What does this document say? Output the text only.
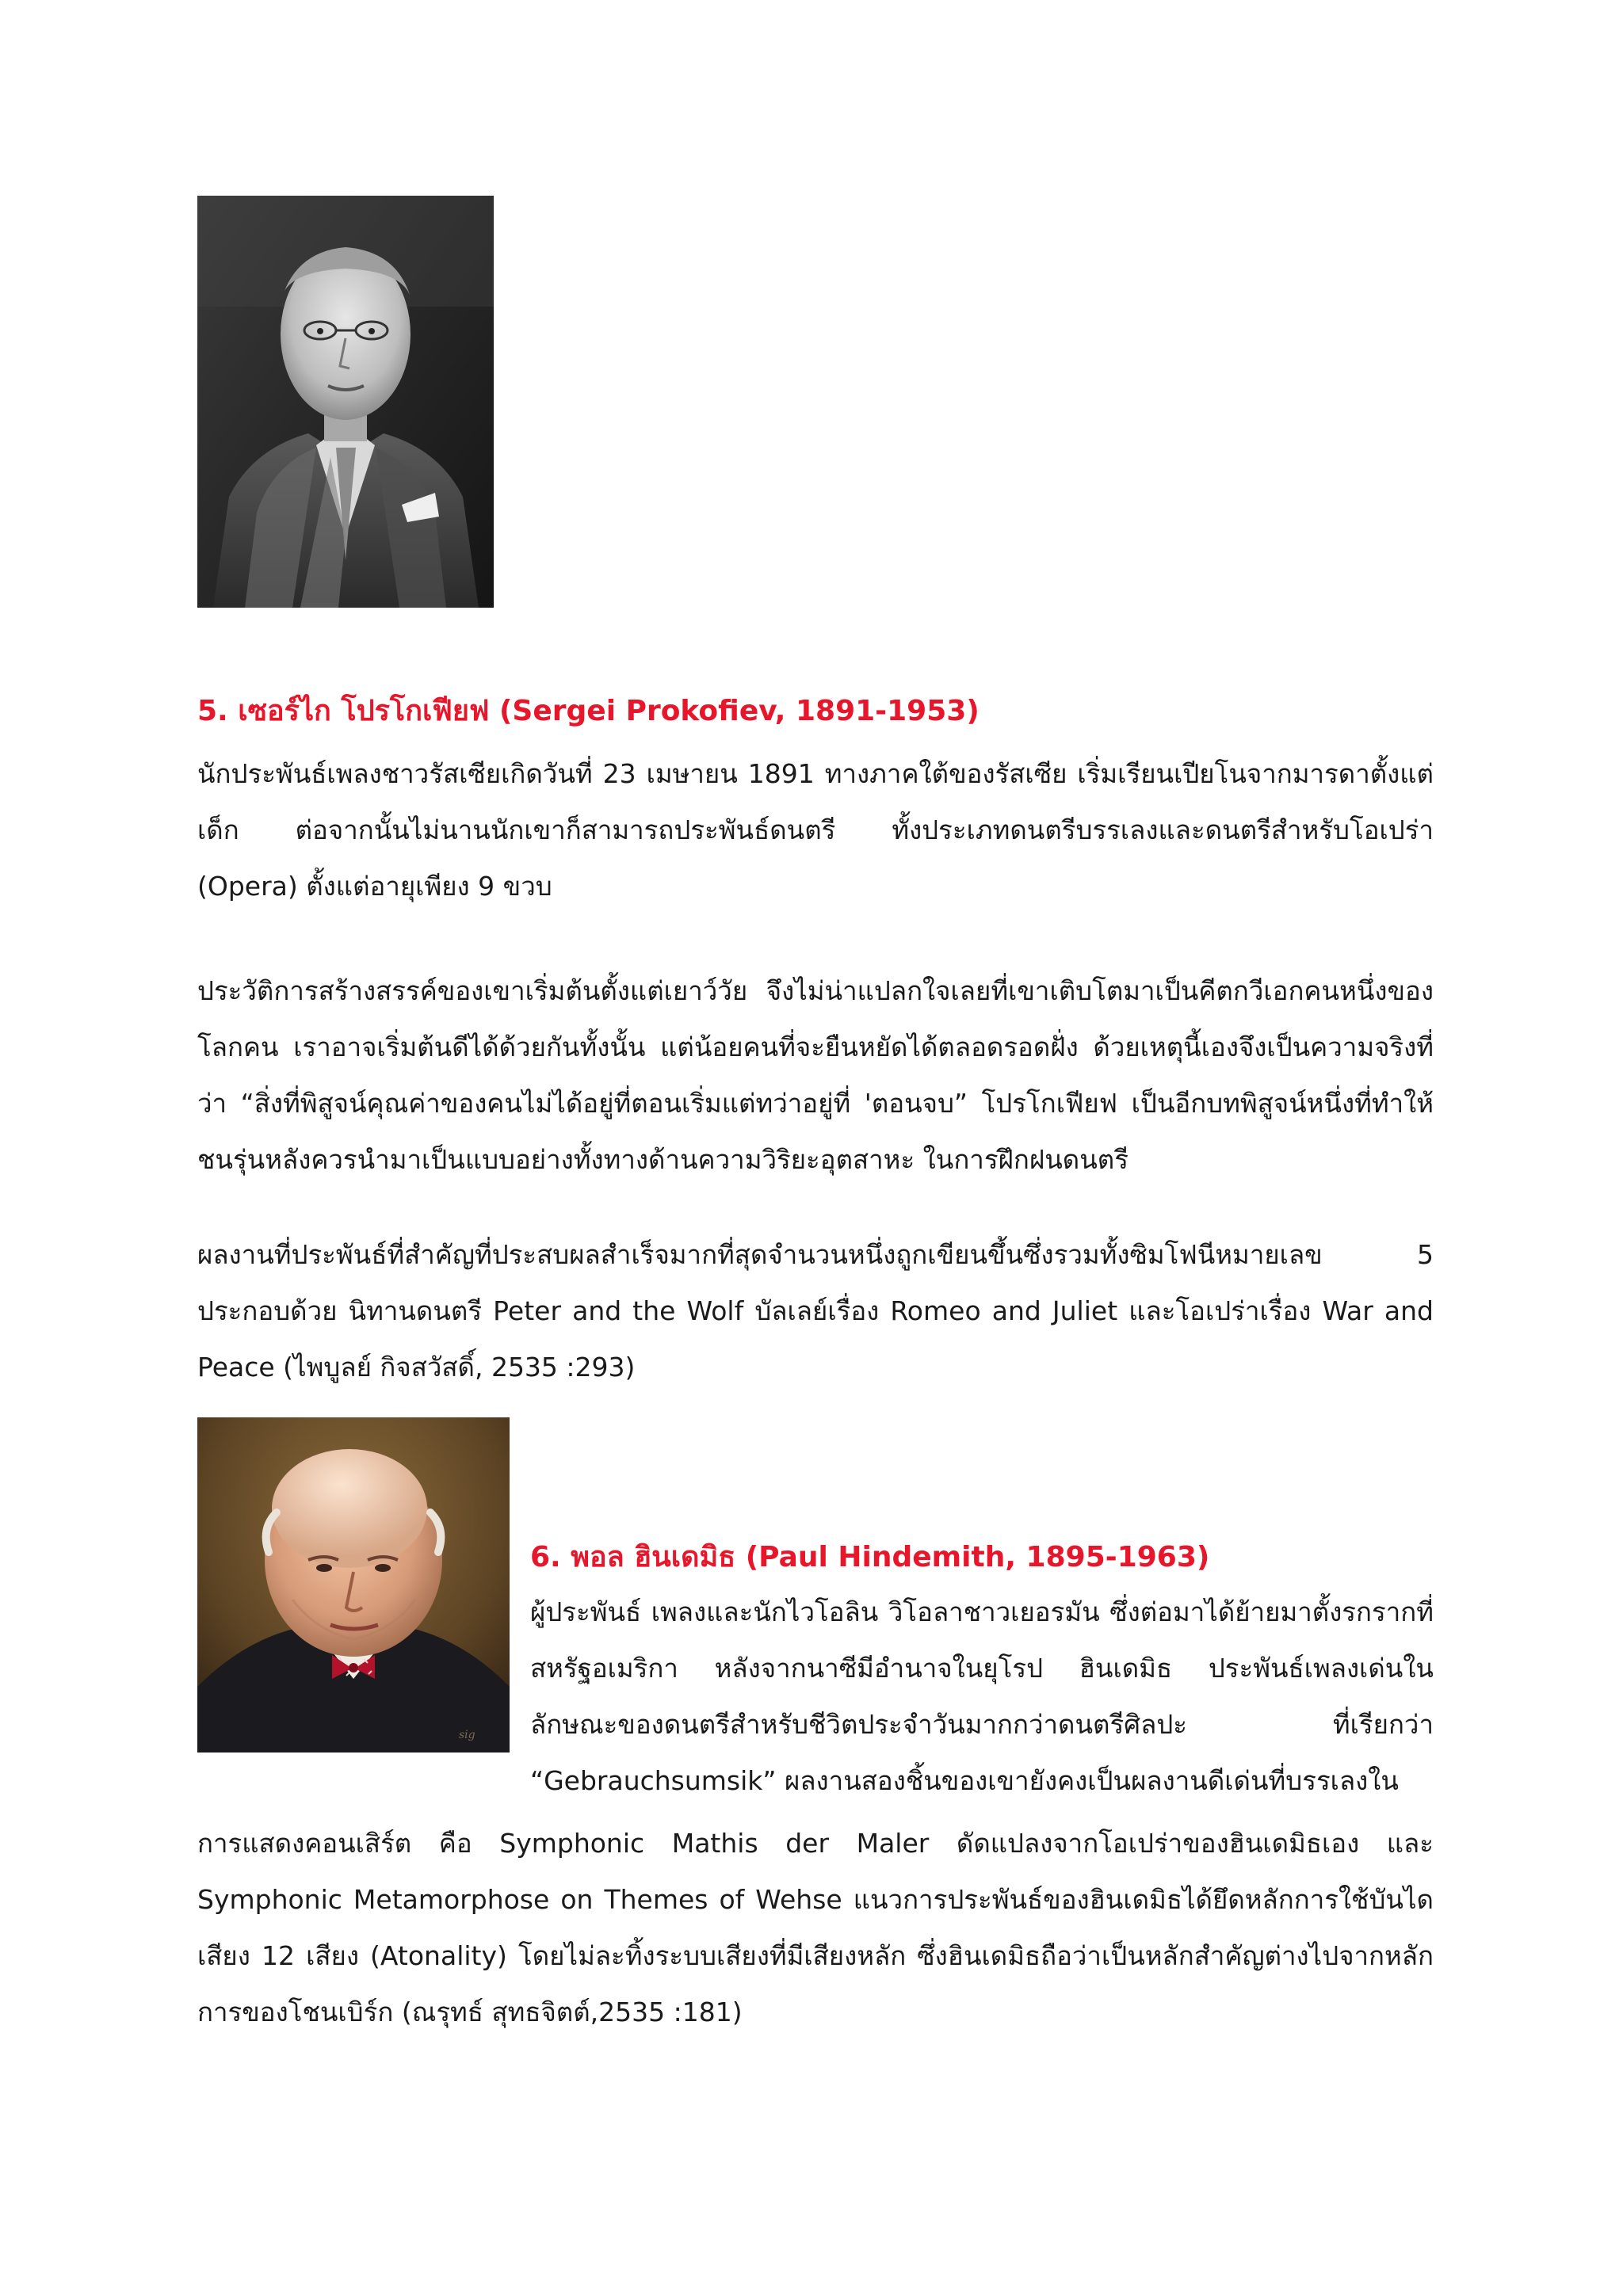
5. เซอร์ไก โปรโกเฟียฟ (Sergei Prokofiev, 1891-1953)

นักประพันธ์เพลงชาวรัสเซียเกิดวันที่ 23 เมษายน 1891 ทางภาคใต้ของรัสเซีย เริ่มเรียนเปียโนจากมารดาตั้งแต่เด็ก ต่อจากนั้นไม่นานนักเขาก็สามารถประพันธ์ดนตรี ทั้งประเภทดนตรีบรรเลงและดนตรีสำหรับโอเปร่า (Opera) ตั้งแต่อายุเพียง 9 ขวบ

ประวัติการสร้างสรรค์ของเขาเริ่มต้นตั้งแต่เยาว์วัย จึงไม่น่าแปลกใจเลยที่เขาเติบโตมาเป็นคีตกวีเอกคนหนึ่งของโลกคน เราอาจเริ่มต้นดีได้ด้วยกันทั้งนั้น แต่น้อยคนที่จะยืนหยัดได้ตลอดรอดฝั่ง ด้วยเหตุนี้เองจึงเป็นความจริงที่ว่า “สิ่งที่พิสูจน์คุณค่าของคนไม่ได้อยู่ที่ตอนเริ่มแต่ทว่าอยู่ที่ 'ตอนจบ” โปรโกเฟียฟ เป็นอีกบทพิสูจน์หนึ่งที่ทำให้ชนรุ่นหลังควรนำมาเป็นแบบอย่างทั้งทางด้านความวิริยะอุตสาหะ ในการฝึกฝนดนตรี

ผลงานที่ประพันธ์ที่สำคัญที่ประสบผลสำเร็จมากที่สุดจำนวนหนึ่งถูกเขียนขึ้นซึ่งรวมทั้งซิมโฟนีหมายเลข 5 ประกอบด้วย นิทานดนตรี Peter and the Wolf บัลเลย์เรื่อง Romeo and Juliet และโอเปร่าเรื่อง War and Peace (ไพบูลย์ กิจสวัสดิ์, 2535 :293)

sig
6. พอล ฮินเดมิธ (Paul Hindemith, 1895-1963)

ผู้ประพันธ์ เพลงและนักไวโอลิน วิโอลาชาวเยอรมัน ซึ่งต่อมาได้ย้ายมาตั้งรกรากที่สหรัฐอเมริกา หลังจากนาซีมีอำนาจในยุโรป ฮินเดมิธ ประพันธ์เพลงเด่นในลักษณะของดนตรีสำหรับชีวิตประจำวันมากกว่าดนตรีศิลปะ ที่เรียกว่า “Gebrauchsumsik” ผลงานสองชิ้นของเขายังคงเป็นผลงานดีเด่นที่บรรเลงใน

การแสดงคอนเสิร์ต คือ Symphonic Mathis der Maler ดัดแปลงจากโอเปร่าของฮินเดมิธเอง และ Symphonic Metamorphose on Themes of Wehse แนวการประพันธ์ของฮินเดมิธได้ยึดหลักการใช้บันไดเสียง 12 เสียง (Atonality) โดยไม่ละทิ้งระบบเสียงที่มีเสียงหลัก ซึ่งฮินเดมิธถือว่าเป็นหลักสำคัญต่างไปจากหลักการของโชนเบิร์ก (ณรุทธ์ สุทธจิตต์,2535 :181)
